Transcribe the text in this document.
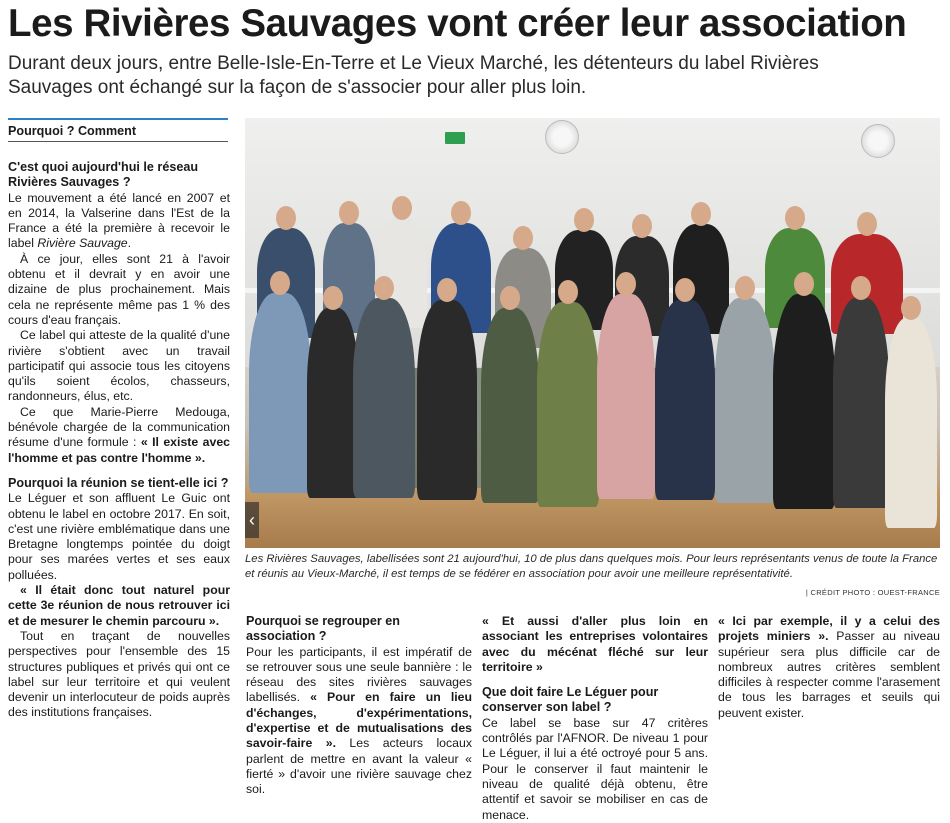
Les Rivières Sauvages vont créer leur association
Durant deux jours, entre Belle-Isle-En-Terre et Le Vieux Marché, les détenteurs du label Rivières Sauvages ont échangé sur la façon de s'associer pour aller plus loin.
Pourquoi ? Comment

C'est quoi aujourd'hui le réseau Rivières Sauvages ?

Le mouvement a été lancé en 2007 et en 2014, la Valserine dans l'Est de la France a été la première à recevoir le label Rivière Sauvage.

À ce jour, elles sont 21 à l'avoir obtenu et il devrait y en avoir une dizaine de plus prochainement. Mais cela ne représente même pas 1 % des cours d'eau français.

Ce label qui atteste de la qualité d'une rivière s'obtient avec un travail participatif qui associe tous les citoyens qu'ils soient écolos, chasseurs, randonneurs, élus, etc.

Ce que Marie-Pierre Medouga, bénévole chargée de la communication résume d'une formule : « Il existe avec l'homme et pas contre l'homme ».

Pourquoi la réunion se tient-elle ici ?

Le Léguer et son affluent Le Guic ont obtenu le label en octobre 2017. En soit, c'est une rivière emblématique dans une Bretagne longtemps pointée du doigt pour ses marées vertes et ses eaux polluées.

« Il était donc tout naturel pour cette 3e réunion de nous retrouver ici et de mesurer le chemin parcouru ».

Tout en traçant de nouvelles perspectives pour l'ensemble des 15 structures publiques et privés qui ont ce label sur leur territoire et qui veulent devenir un interlocuteur de poids auprès des institutions françaises.

‹
Les Rivières Sauvages, labellisées sont 21 aujourd'hui, 10 de plus dans quelques mois. Pour leurs représentants venus de toute la France et réunis au Vieux-Marché, il est temps de se fédérer en association pour avoir une meilleure représentativité.
| CRÉDIT PHOTO : OUEST-FRANCE

Pourquoi se regrouper en association ?

Pour les participants, il est impératif de se retrouver sous une seule bannière : le réseau des sites rivières sauvages labellisés. « Pour en faire un lieu d'échanges, d'expérimentations, d'expertise et de mutualisations des savoir-faire ». Les acteurs locaux parlent de mettre en avant la valeur « fierté » d'avoir une rivière sauvage chez soi.

« Et aussi d'aller plus loin en associant les entreprises volontaires avec du mécénat fléché sur leur territoire »

Que doit faire Le Léguer pour conserver son label ?

Ce label se base sur 47 critères contrôlés par l'AFNOR. De niveau 1 pour Le Léguer, il lui a été octroyé pour 5 ans. Pour le conserver il faut maintenir le niveau de qualité déjà obtenu, être attentif et savoir se mobiliser en cas de menace.

« Ici par exemple, il y a celui des projets miniers ». Passer au niveau supérieur sera plus difficile car de nombreux autres critères semblent difficiles à respecter comme l'arasement de tous les barrages et seuils qui peuvent exister.
